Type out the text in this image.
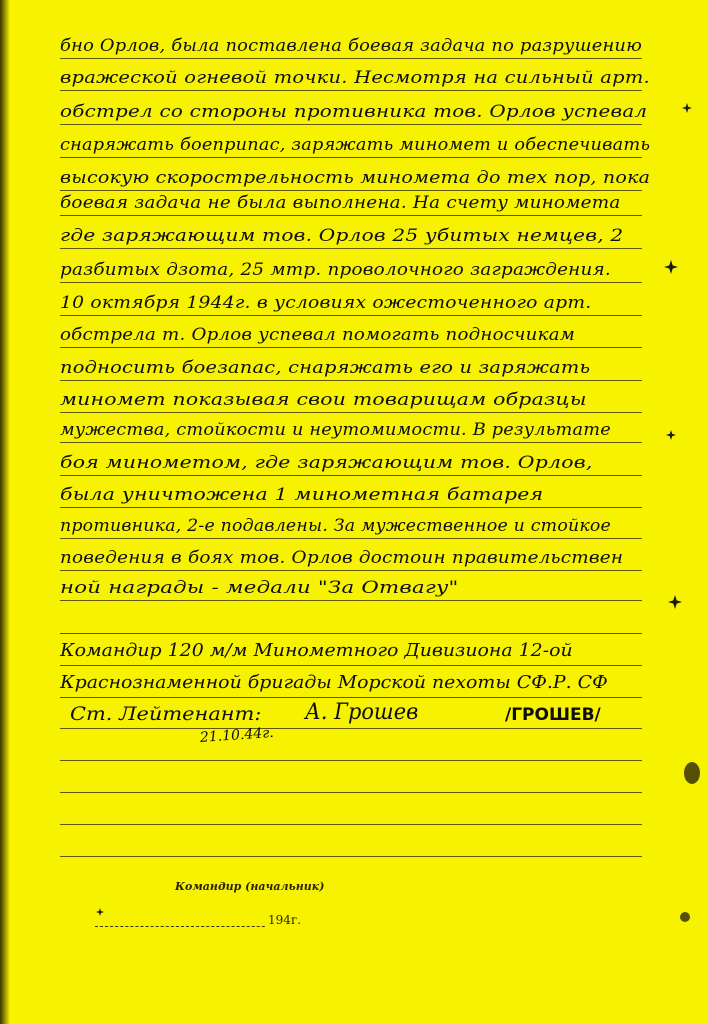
бно Орлов, была поставлена боевая задача по разрушению
вражеской огневой точки. Несмотря на сильный арт.
обстрел со стороны противника тов. Орлов успевал
снаряжать боеприпас, заряжать миномет и обеспечивать
высокую скорострельность миномета до тех пор, пока
боевая задача не была выполнена. На счету миномета
где заряжающим тов. Орлов 25 убитых немцев, 2
разбитых дзота, 25 мтр. проволочного заграждения.
10 октября 1944г. в условиях ожесточенного арт.
обстрела т. Орлов успевал помогать подносчикам
подносить боезапас, снаряжать его и заряжать
миномет показывая свои товарищам образцы
мужества, стойкости и неутомимости. В результате
боя минометом, где заряжающим тов. Орлов,
была уничтожена 1 минометная батарея
противника, 2-е подавлены. За мужественное и стойкое
поведения в боях тов. Орлов достоин правительствен
ной награды - медали "За Отвагу"
Командир 120 м/м Минометного Дивизиона 12-ой
Краснознаменной бригады Морской пехоты СФ.Р. СФ
Ст. Лейтенант: А. Грошев	/ГРОШЕВ/
21.10.44г.
Командир (начальник)
194 г.
